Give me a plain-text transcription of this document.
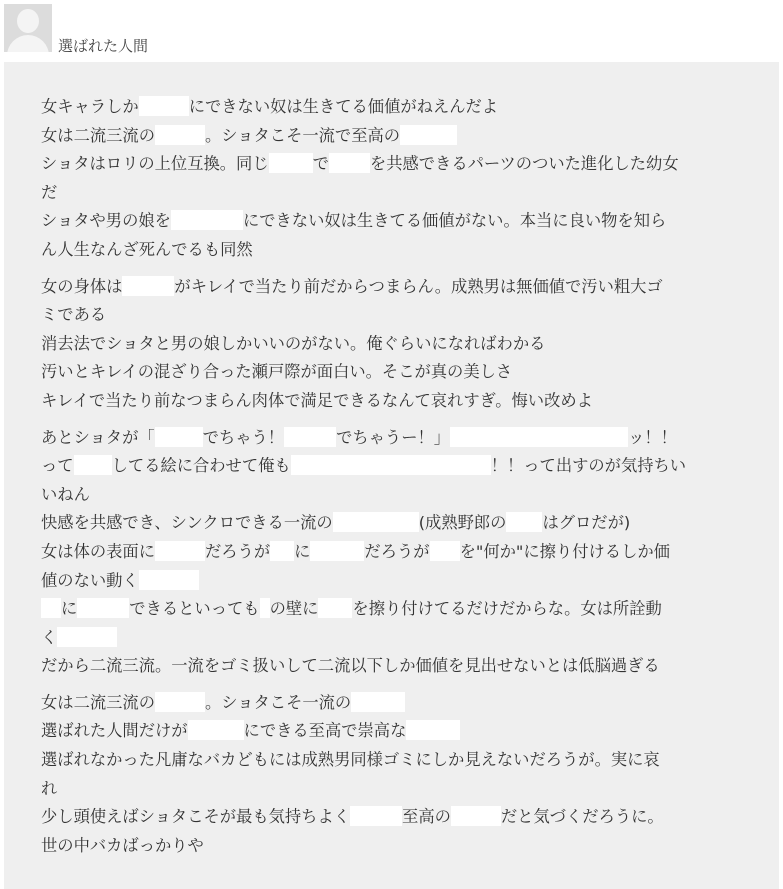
選ばれた人間
女キャラしか	にできない奴は生きてる価値がねえんだよ
女は二流三流の	。ショタこそ一流で至高の
ショタはロリの上位互換。同じ	で	を共感できるパーツのついた進化した幼女
だ
ショタや男の娘を	にできない奴は生きてる価値がない。本当に良い物を知ら
ん人生なんざ死んでるも同然
女の身体は	がキレイで当たり前だからつまらん。成熟男は無価値で汚い粗大ゴ
ミである
消去法でショタと男の娘しかいいのがない。俺ぐらいになればわかる
汚いとキレイの混ざり合った瀬戸際が面白い。そこが真の美しさ
キレイで当たり前なつまらん肉体で満足できるなんて哀れすぎ。悔い改めよ
あとショタが「	でちゃう！	でちゃうー！」	ッ！！
って してる絵に合わせて俺も	！！って出すのが気持ちい
いねん
快感を共感でき、シンクロできる一流の	(成熟野郎の はグロだが)
女は体の表面に	だろうが に	だろうが を"何か"に擦り付けるしか価
値のない動く
に	できるといっても の壁に を擦り付けてるだけだからな。女は所詮動
く
だから二流三流。一流をゴミ扱いして二流以下しか価値を見出せないとは低脳過ぎる
女は二流三流の	。ショタこそ一流の
選ばれた人間だけが	にできる至高で崇高な
選ばれなかった凡庸なバカどもには成熟男同様ゴミにしか見えないだろうが。実に哀
れ
少し頭使えばショタこそが最も気持ちよく	至高の	だと気づくだろうに。
世の中バカばっかりや
